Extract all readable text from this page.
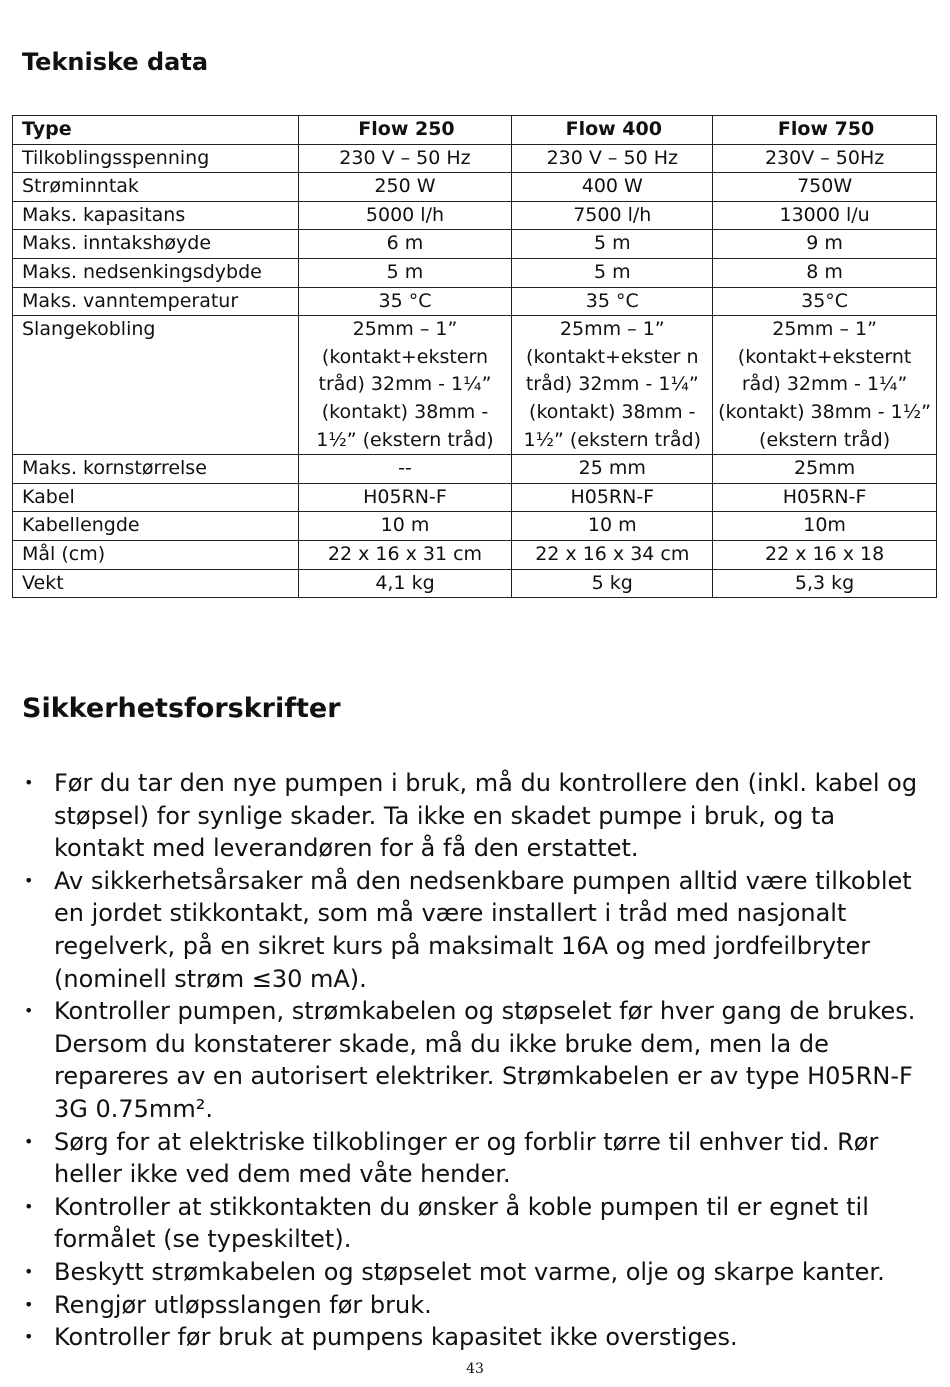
Tekniske data
Type	Flow 250	Flow 400	Flow 750
Tilkoblingsspenning	230 V – 50 Hz	230 V – 50 Hz	230V – 50Hz
Strøminntak	250 W	400 W	750W
Maks. kapasitans	5000 l/h	7500 l/h	13000 l/u
Maks. inntakshøyde	6 m	5 m	9 m
Maks. nedsenkingsdybde	5 m	5 m	8 m
Maks. vanntemperatur	35 °C	35 °C	35°C
Slangekobling	25mm – 1” (kontakt+ekstern tråd) 32mm - 1¼” (kontakt) 38mm - 1½” (ekstern tråd)	25mm – 1” (kontakt+ekster n tråd) 32mm - 1¼” (kontakt) 38mm - 1½” (ekstern tråd)	25mm – 1” (kontakt+eksternt råd) 32mm - 1¼” (kontakt) 38mm - 1½” (ekstern tråd)
Maks. kornstørrelse	--	25 mm	25mm
Kabel	H05RN-F	H05RN-F	H05RN-F
Kabellengde	10 m	10 m	10m
Mål (cm)	22 x 16 x 31 cm	22 x 16 x 34 cm	22 x 16 x 18
Vekt	4,1 kg	5 kg	5,3 kg
Sikkerhetsforskrifter
• Før du tar den nye pumpen i bruk, må du kontrollere den (inkl. kabel og støpsel) for synlige skader. Ta ikke en skadet pumpe i bruk, og ta kontakt med leverandøren for å få den erstattet.
• Av sikkerhetsårsaker må den nedsenkbare pumpen alltid være tilkoblet en jordet stikkontakt, som må være installert i tråd med nasjonalt regelverk, på en sikret kurs på maksimalt 16A og med jordfeilbryter (nominell strøm ≤30 mA).
• Kontroller pumpen, strømkabelen og støpselet før hver gang de brukes. Dersom du konstaterer skade, må du ikke bruke dem, men la de repareres av en autorisert elektriker. Strømkabelen er av type H05RN-F 3G 0.75mm².
• Sørg for at elektriske tilkoblinger er og forblir tørre til enhver tid. Rør heller ikke ved dem med våte hender.
• Kontroller at stikkontakten du ønsker å koble pumpen til er egnet til formålet (se typeskiltet).
• Beskytt strømkabelen og støpselet mot varme, olje og skarpe kanter.
• Rengjør utløpsslangen før bruk.
• Kontroller før bruk at pumpens kapasitet ikke overstiges.
43
